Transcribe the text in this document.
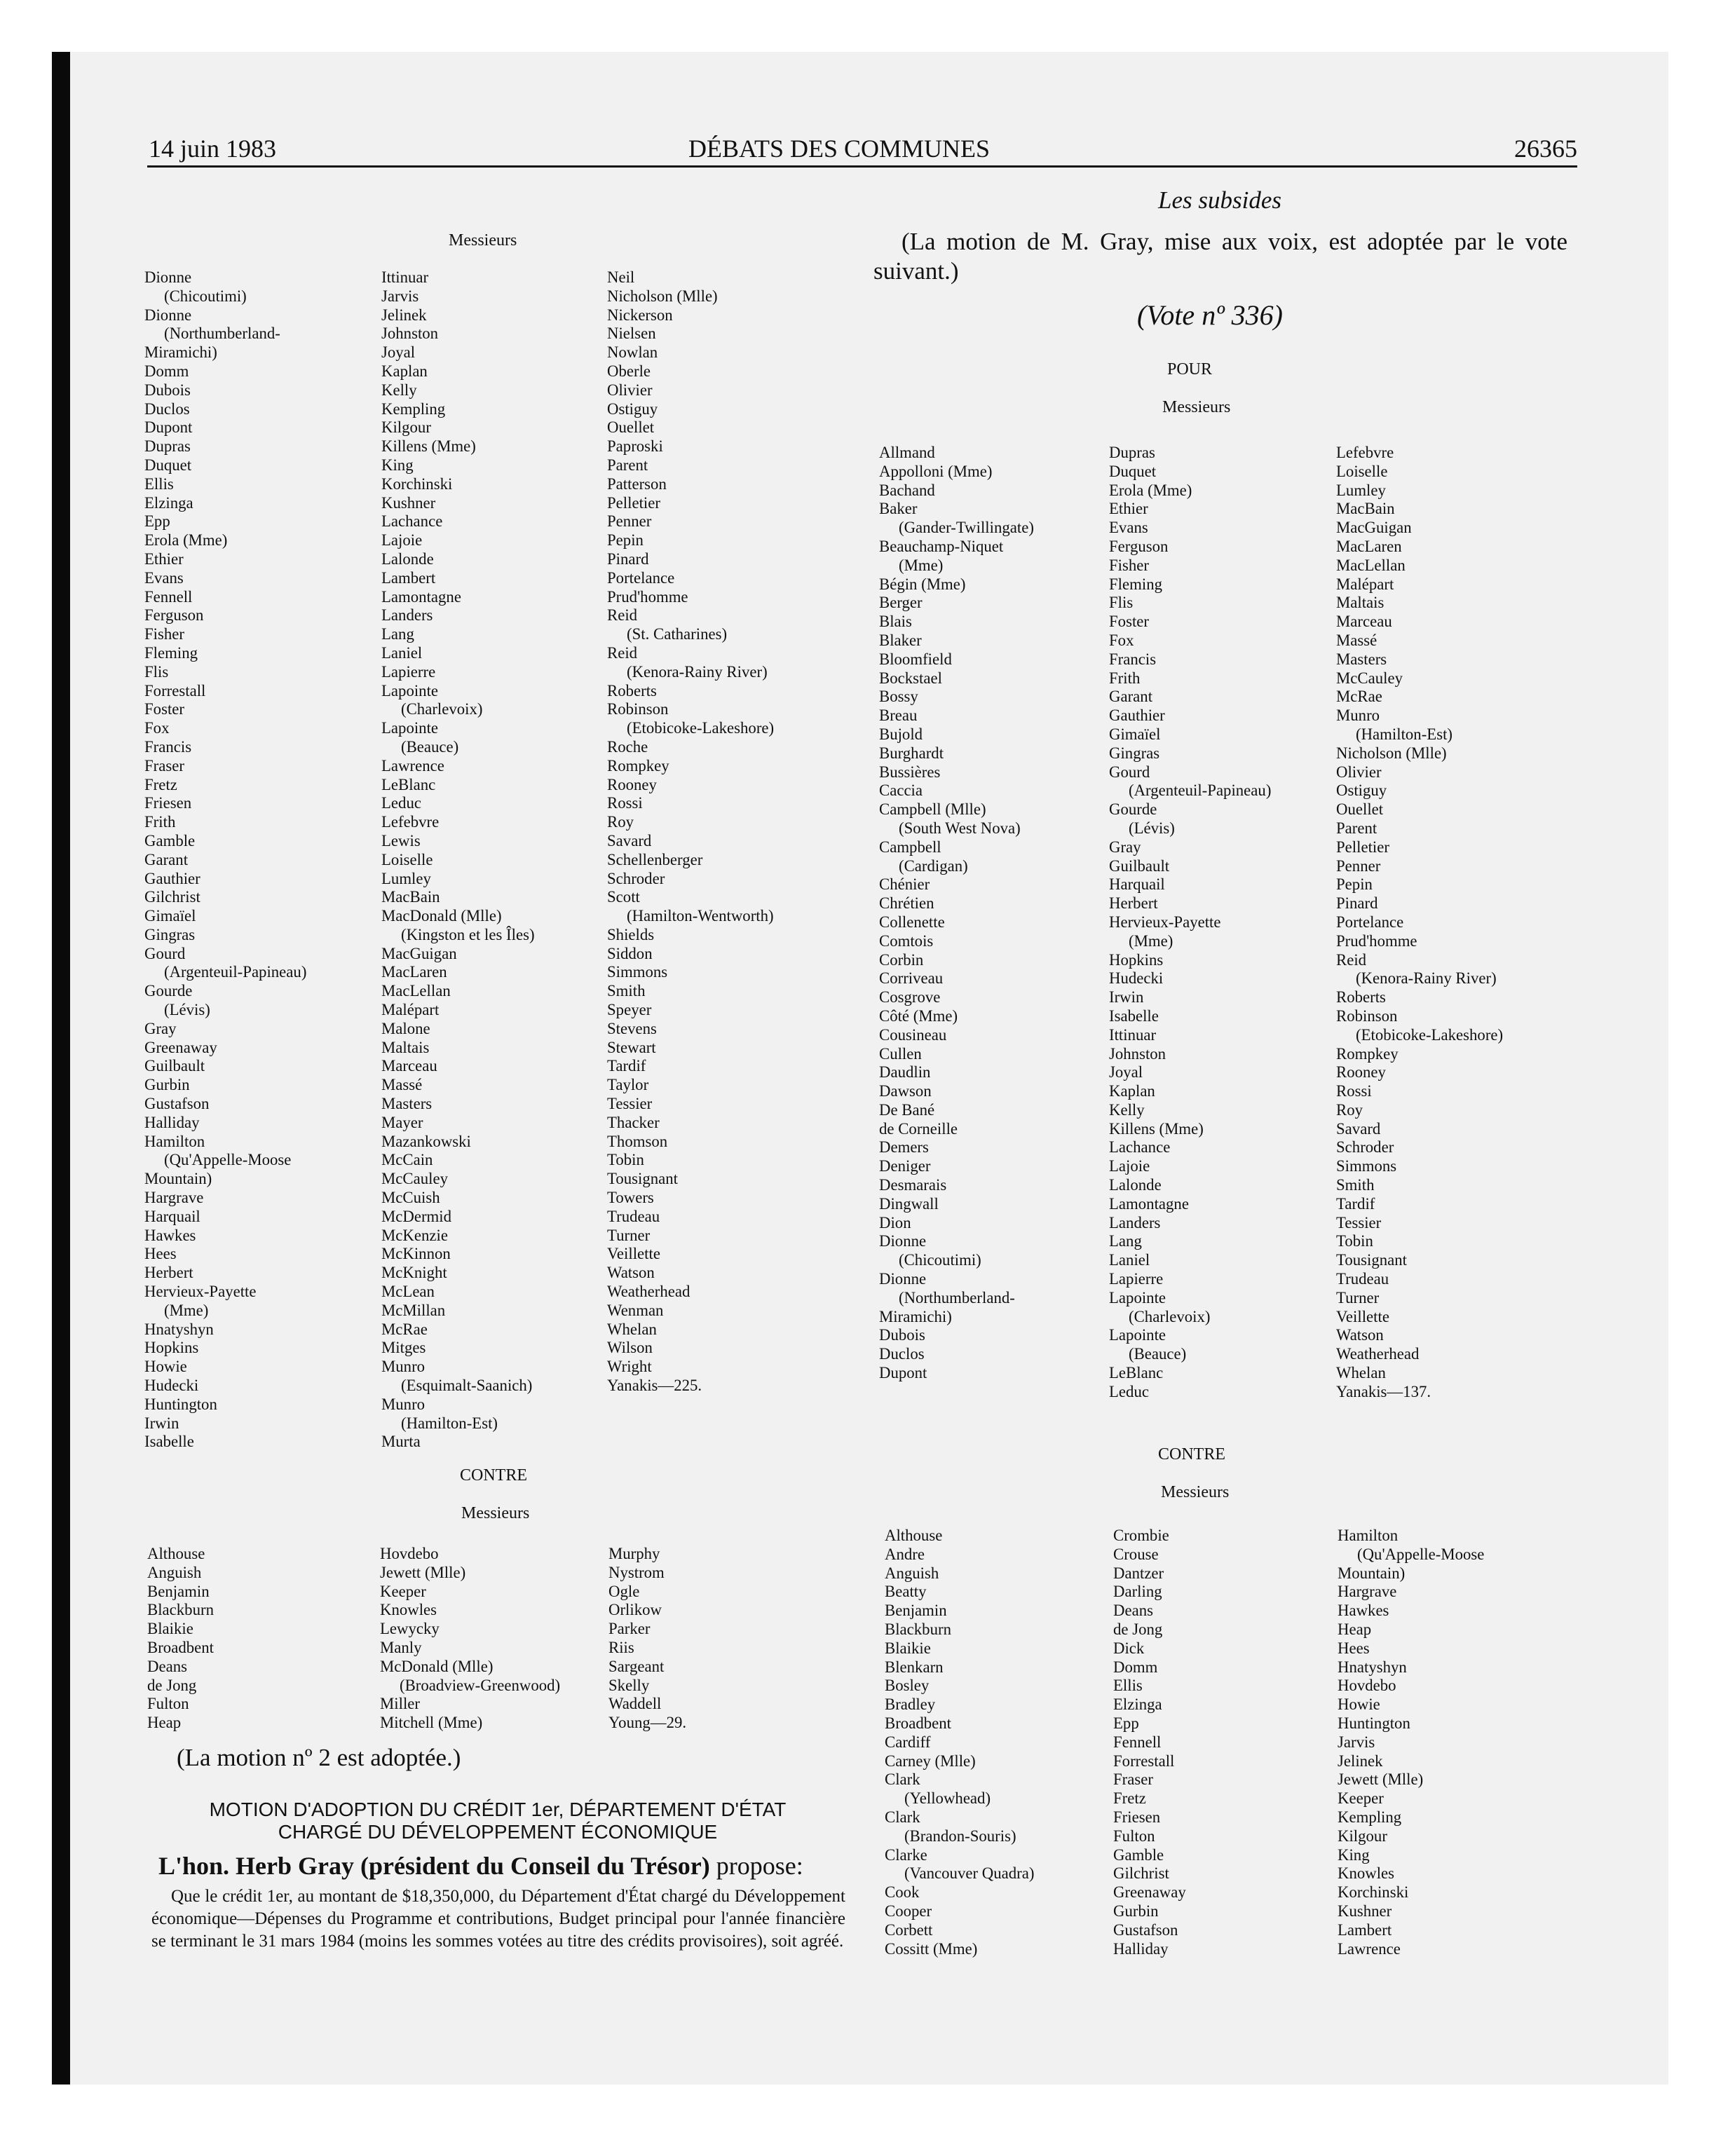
14 juin 1983	DÉBATS DES COMMUNES	26365
Messieurs
Dionne
(Chicoutimi)
Dionne
(Northumberland-
Miramichi)
Domm
Dubois
Duclos
Dupont
Dupras
Duquet
Ellis
Elzinga
Epp
Erola (Mme)
Ethier
Evans
Fennell
Ferguson
Fisher
Fleming
Flis
Forrestall
Foster
Fox
Francis
Fraser
Fretz
Friesen
Frith
Gamble
Garant
Gauthier
Gilchrist
Gimaïel
Gingras
Gourd
(Argenteuil-Papineau)
Gourde
(Lévis)
Gray
Greenaway
Guilbault
Gurbin
Gustafson
Halliday
Hamilton
(Qu'Appelle-Moose
Mountain)
Hargrave
Harquail
Hawkes
Hees
Herbert
Hervieux-Payette
(Mme)
Hnatyshyn
Hopkins
Howie
Hudecki
Huntington
Irwin
Isabelle
Ittinuar
Jarvis
Jelinek
Johnston
Joyal
Kaplan
Kelly
Kempling
Kilgour
Killens (Mme)
King
Korchinski
Kushner
Lachance
Lajoie
Lalonde
Lambert
Lamontagne
Landers
Lang
Laniel
Lapierre
Lapointe
(Charlevoix)
Lapointe
(Beauce)
Lawrence
LeBlanc
Leduc
Lefebvre
Lewis
Loiselle
Lumley
MacBain
MacDonald (Mlle)
(Kingston et les Îles)
MacGuigan
MacLaren
MacLellan
Malépart
Malone
Maltais
Marceau
Massé
Masters
Mayer
Mazankowski
McCain
McCauley
McCuish
McDermid
McKenzie
McKinnon
McKnight
McLean
McMillan
McRae
Mitges
Munro
(Esquimalt-Saanich)
Munro
(Hamilton-Est)
Murta
Neil
Nicholson (Mlle)
Nickerson
Nielsen
Nowlan
Oberle
Olivier
Ostiguy
Ouellet
Paproski
Parent
Patterson
Pelletier
Penner
Pepin
Pinard
Portelance
Prud'homme
Reid
(St. Catharines)
Reid
(Kenora-Rainy River)
Roberts
Robinson
(Etobicoke-Lakeshore)
Roche
Rompkey
Rooney
Rossi
Roy
Savard
Schellenberger
Schroder
Scott
(Hamilton-Wentworth)
Shields
Siddon
Simmons
Smith
Speyer
Stevens
Stewart
Tardif
Taylor
Tessier
Thacker
Thomson
Tobin
Tousignant
Towers
Trudeau
Turner
Veillette
Watson
Weatherhead
Wenman
Whelan
Wilson
Wright
Yanakis—225.
CONTRE
Messieurs
Althouse
Anguish
Benjamin
Blackburn
Blaikie
Broadbent
Deans
de Jong
Fulton
Heap
Hovdebo
Jewett (Mlle)
Keeper
Knowles
Lewycky
Manly
McDonald (Mlle)
(Broadview-Greenwood)
Miller
Mitchell (Mme)
Murphy
Nystrom
Ogle
Orlikow
Parker
Riis
Sargeant
Skelly
Waddell
Young—29.
(La motion nº 2 est adoptée.)
MOTION D'ADOPTION DU CRÉDIT 1er, DÉPARTEMENT D'ÉTAT
CHARGÉ DU DÉVELOPPEMENT ÉCONOMIQUE
L'hon. Herb Gray (président du Conseil du Trésor) propose:
Que le crédit 1er, au montant de $18,350,000, du Département d'État chargé du Développement économique—Dépenses du Programme et contributions, Budget principal pour l'année financière se terminant le 31 mars 1984 (moins les sommes votées au titre des crédits provisoires), soit agréé.
Les subsides
(La motion de M. Gray, mise aux voix, est adoptée par le vote suivant.)
(Vote nº 336)
POUR
Messieurs
Allmand
Appolloni (Mme)
Bachand
Baker
(Gander-Twillingate)
Beauchamp-Niquet
(Mme)
Bégin (Mme)
Berger
Blais
Blaker
Bloomfield
Bockstael
Bossy
Breau
Bujold
Burghardt
Bussières
Caccia
Campbell (Mlle)
(South West Nova)
Campbell
(Cardigan)
Chénier
Chrétien
Collenette
Comtois
Corbin
Corriveau
Cosgrove
Côté (Mme)
Cousineau
Cullen
Daudlin
Dawson
De Bané
de Corneille
Demers
Deniger
Desmarais
Dingwall
Dion
Dionne
(Chicoutimi)
Dionne
(Northumberland-
Miramichi)
Dubois
Duclos
Dupont
Dupras
Duquet
Erola (Mme)
Ethier
Evans
Ferguson
Fisher
Fleming
Flis
Foster
Fox
Francis
Frith
Garant
Gauthier
Gimaïel
Gingras
Gourd
(Argenteuil-Papineau)
Gourde
(Lévis)
Gray
Guilbault
Harquail
Herbert
Hervieux-Payette
(Mme)
Hopkins
Hudecki
Irwin
Isabelle
Ittinuar
Johnston
Joyal
Kaplan
Kelly
Killens (Mme)
Lachance
Lajoie
Lalonde
Lamontagne
Landers
Lang
Laniel
Lapierre
Lapointe
(Charlevoix)
Lapointe
(Beauce)
LeBlanc
Leduc
Lefebvre
Loiselle
Lumley
MacBain
MacGuigan
MacLaren
MacLellan
Malépart
Maltais
Marceau
Massé
Masters
McCauley
McRae
Munro
(Hamilton-Est)
Nicholson (Mlle)
Olivier
Ostiguy
Ouellet
Parent
Pelletier
Penner
Pepin
Pinard
Portelance
Prud'homme
Reid
(Kenora-Rainy River)
Roberts
Robinson
(Etobicoke-Lakeshore)
Rompkey
Rooney
Rossi
Roy
Savard
Schroder
Simmons
Smith
Tardif
Tessier
Tobin
Tousignant
Trudeau
Turner
Veillette
Watson
Weatherhead
Whelan
Yanakis—137.
CONTRE
Messieurs
Althouse
Andre
Anguish
Beatty
Benjamin
Blackburn
Blaikie
Blenkarn
Bosley
Bradley
Broadbent
Cardiff
Carney (Mlle)
Clark
(Yellowhead)
Clark
(Brandon-Souris)
Clarke
(Vancouver Quadra)
Cook
Cooper
Corbett
Cossitt (Mme)
Crombie
Crouse
Dantzer
Darling
Deans
de Jong
Dick
Domm
Ellis
Elzinga
Epp
Fennell
Forrestall
Fraser
Fretz
Friesen
Fulton
Gamble
Gilchrist
Greenaway
Gurbin
Gustafson
Halliday
Hamilton
(Qu'Appelle-Moose
Mountain)
Hargrave
Hawkes
Heap
Hees
Hnatyshyn
Hovdebo
Howie
Huntington
Jarvis
Jelinek
Jewett (Mlle)
Keeper
Kempling
Kilgour
King
Knowles
Korchinski
Kushner
Lambert
Lawrence
